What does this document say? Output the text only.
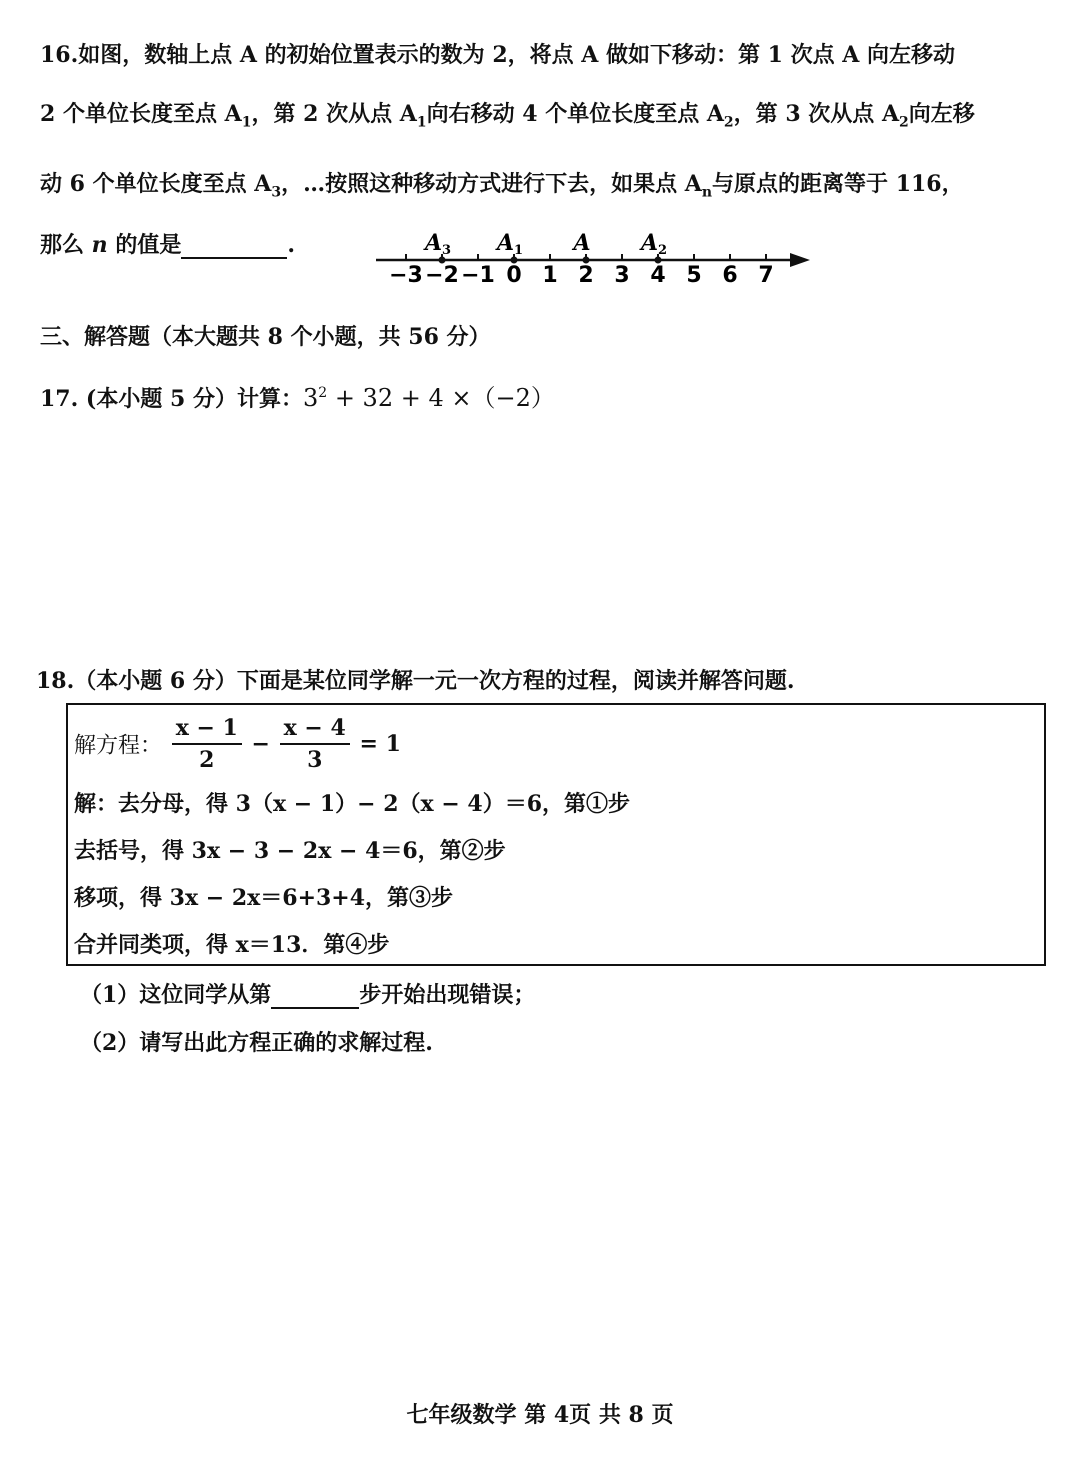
16.如图，数轴上点 A 的初始位置表示的数为 2，将点 A 做如下移动：第 1 次点 A 向左移动
2 个单位长度至点 $A_1$，第 2 次从点 $A_1$向右移动 4 个单位长度至点 $A_2$，第 3 次从点 $A_2$向左移
动 6 个单位长度至点 $A_3$，…按照这种移动方式进行下去，如果点 $A_n$与原点的距离等于 116，
那么 n 的值是	.
−3 −2 −1 0 1 2 3 4 5 6 7
A3 A1 A A2
三、解答题（本大题共 8 个小题，共 56 分）
17. (本小题 5 分）计算：$3^2 + 32 + 4 \times(-2)$
18.（本小题 6 分）下面是某位同学解一元一次方程的过程，阅读并解答问题.
解方程： $\frac{x - 1}{2} - \frac{x - 4}{3} = 1$
解：去分母，得 3（x − 1）− 2（x − 4）＝6，第①步
去括号，得 3x − 3 − 2x − 4＝6，第②步
移项，得 3x − 2x＝6+3+4，第③步
合并同类项，得 x＝13．第④步
（1）这位同学从第	步开始出现错误；
（2）请写出此方程正确的求解过程.
七年级数学 第 4页 共 8 页
